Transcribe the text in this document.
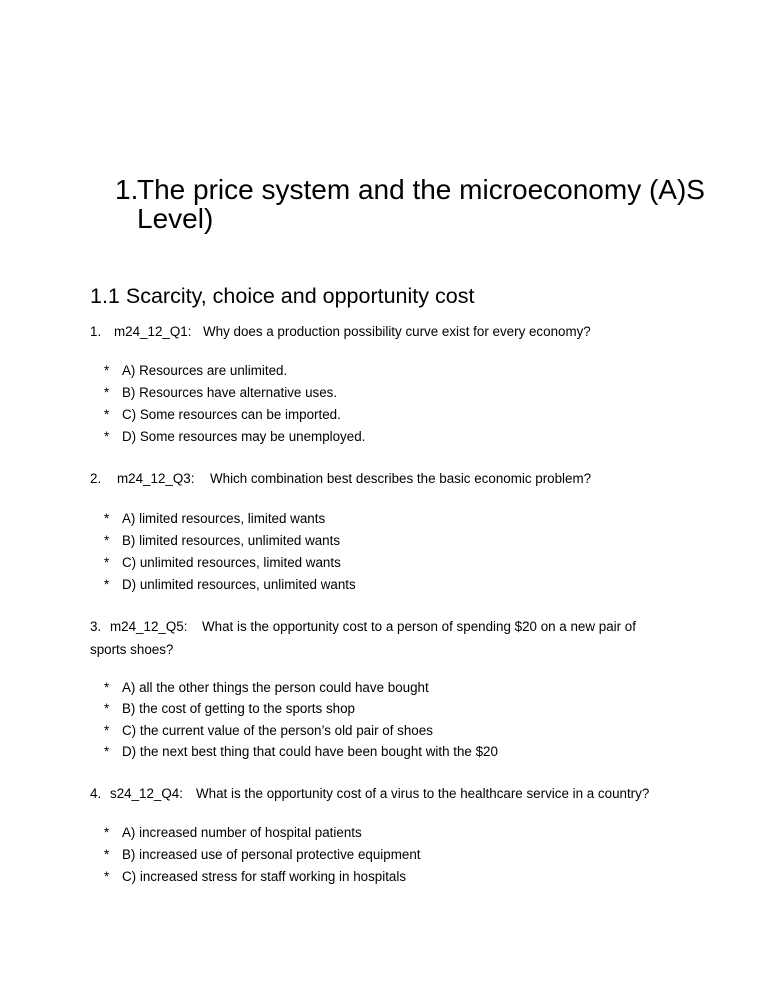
1.
The price system and the microeconomy (A)S
Level)
1.1 Scarcity, choice and opportunity cost
1. m24_12_Q1: Why does a production possibility curve exist for every economy?
* A) Resources are unlimited.
* B) Resources have alternative uses.
* C) Some resources can be imported.
* D) Some resources may be unemployed.
2. m24_12_Q3: Which combination best describes the basic economic problem?
* A) limited resources, limited wants
* B) limited resources, unlimited wants
* C) unlimited resources, limited wants
* D) unlimited resources, unlimited wants
3. m24_12_Q5: What is the opportunity cost to a person of spending $20 on a new pair of
sports shoes?
* A) all the other things the person could have bought
* B) the cost of getting to the sports shop
* C) the current value of the person’s old pair of shoes
* D) the next best thing that could have been bought with the $20
4. s24_12_Q4: What is the opportunity cost of a virus to the healthcare service in a country?
* A) increased number of hospital patients
* B) increased use of personal protective equipment
* C) increased stress for staff working in hospitals
